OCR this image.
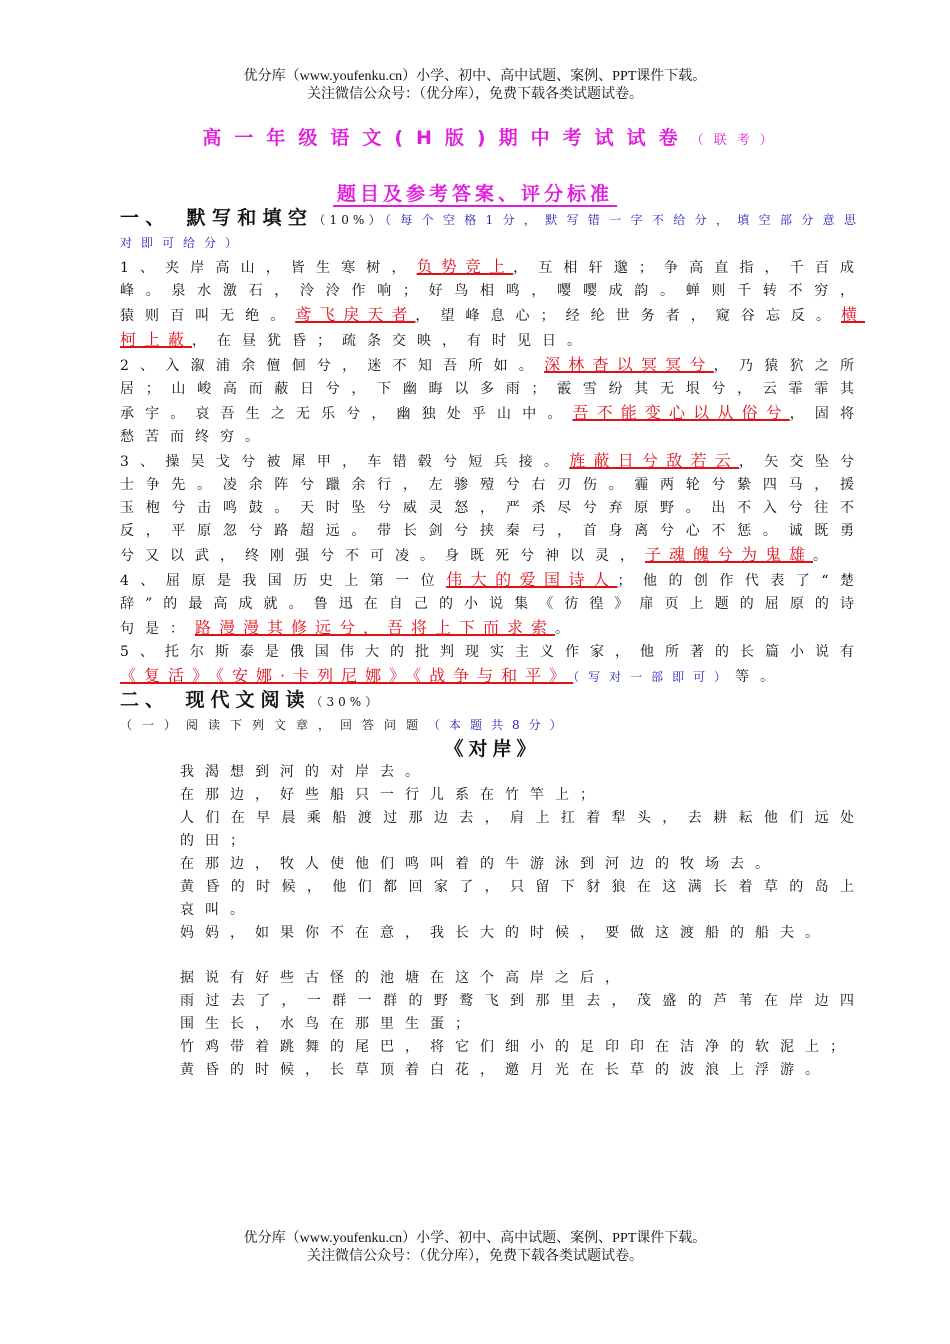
优分库（www.youfenku.cn）小学、初中、高中试题、案例、PPT课件下载。
关注微信公众号：（优分库），免费下载各类试题试卷。
高一年级语文(H版)期中考试试卷（联考）
题目及参考答案、评分标准
一、　默写和填空（10%）（每个空格1分，默写错一字不给分，填空部分意思对即可给分）
1、夹岸高山，皆生寒树，负势竞上，互相轩邈；争高直指，千百成峰。泉水激石，泠泠作响；好鸟相鸣，嘤嘤成韵。蝉则千转不穷，猿则百叫无绝。鸢飞戾天者，望峰息心；经纶世务者，窥谷忘反。横柯上蔽，在昼犹昏；疏条交映，有时见日。
2、入溆浦余儃佪兮，迷不知吾所如。深林杳以冥冥兮，乃猿狖之所居；山峻高而蔽日兮，下幽晦以多雨；霰雪纷其无垠兮，云霏霏其承宇。哀吾生之无乐兮，幽独处乎山中。吾不能变心以从俗兮，固将愁苦而终穷。
3、操吴戈兮被犀甲，车错毂兮短兵接。旌蔽日兮敌若云，矢交坠兮士争先。凌余阵兮躐余行，左骖殪兮右刃伤。霾两轮兮絷四马，援玉枹兮击鸣鼓。天时坠兮威灵怒，严杀尽兮弃原野。出不入兮往不反，平原忽兮路超远。带长剑兮挟秦弓，首身离兮心不惩。诚既勇兮又以武，终刚强兮不可凌。身既死兮神以灵，子魂魄兮为鬼雄。
4、屈原是我国历史上第一位伟大的爱国诗人；他的创作代表了“楚辞”的最高成就。鲁迅在自己的小说集《彷徨》扉页上题的屈原的诗句是：路漫漫其修远兮，吾将上下而求索。
5、托尔斯泰是俄国伟大的批判现实主义作家，他所著的长篇小说有《复活》《安娜·卡列尼娜》《战争与和平》（写对一部即可）等。
二、　现代文阅读（30%）
（一）阅读下列文章，回答问题（本题共8分）
《对岸》
我渴想到河的对岸去。
在那边，好些船只一行儿系在竹竿上；
人们在早晨乘船渡过那边去，肩上扛着犁头，去耕耘他们远处的田；
在那边，牧人使他们鸣叫着的牛游泳到河边的牧场去。
黄昏的时候，他们都回家了，只留下豺狼在这满长着草的岛上哀叫。
妈妈，如果你不在意，我长大的时候，要做这渡船的船夫。
据说有好些古怪的池塘在这个高岸之后，
雨过去了，一群一群的野鹜飞到那里去，茂盛的芦苇在岸边四围生长，水鸟在那里生蛋；
竹鸡带着跳舞的尾巴，将它们细小的足印印在洁净的软泥上；
黄昏的时候，长草顶着白花，邀月光在长草的波浪上浮游。
优分库（www.youfenku.cn）小学、初中、高中试题、案例、PPT课件下载。
关注微信公众号：（优分库），免费下载各类试题试卷。
